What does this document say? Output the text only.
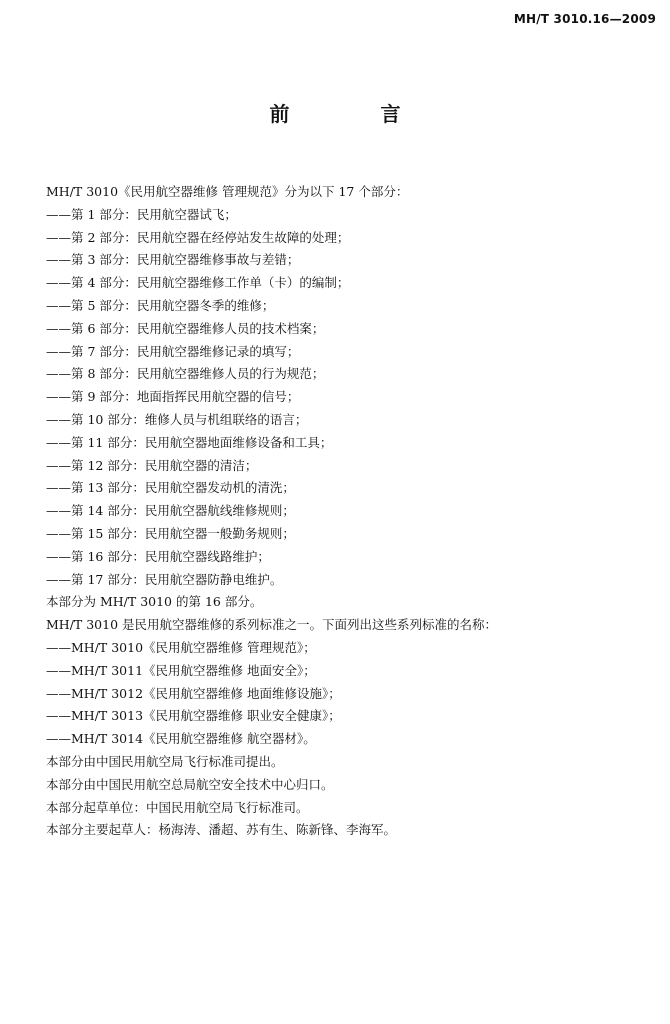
MH/T 3010.16—2009
前 言
MH/T 3010《民用航空器维修 管理规范》分为以下 17 个部分：
——第 1 部分：民用航空器试飞；
——第 2 部分：民用航空器在经停站发生故障的处理；
——第 3 部分：民用航空器维修事故与差错；
——第 4 部分：民用航空器维修工作单（卡）的编制；
——第 5 部分：民用航空器冬季的维修；
——第 6 部分：民用航空器维修人员的技术档案；
——第 7 部分：民用航空器维修记录的填写；
——第 8 部分：民用航空器维修人员的行为规范；
——第 9 部分：地面指挥民用航空器的信号；
——第 10 部分：维修人员与机组联络的语言；
——第 11 部分：民用航空器地面维修设备和工具；
——第 12 部分：民用航空器的清洁；
——第 13 部分：民用航空器发动机的清洗；
——第 14 部分：民用航空器航线维修规则；
——第 15 部分：民用航空器一般勤务规则；
——第 16 部分：民用航空器线路维护；
——第 17 部分：民用航空器防静电维护。
本部分为 MH/T 3010 的第 16 部分。
MH/T 3010 是民用航空器维修的系列标准之一。下面列出这些系列标准的名称：
——MH/T 3010《民用航空器维修 管理规范》；
——MH/T 3011《民用航空器维修 地面安全》；
——MH/T 3012《民用航空器维修 地面维修设施》；
——MH/T 3013《民用航空器维修 职业安全健康》；
——MH/T 3014《民用航空器维修 航空器材》。
本部分由中国民用航空局飞行标准司提出。
本部分由中国民用航空总局航空安全技术中心归口。
本部分起草单位：中国民用航空局飞行标准司。
本部分主要起草人：杨海涛、潘超、苏有生、陈新锋、李海军。
